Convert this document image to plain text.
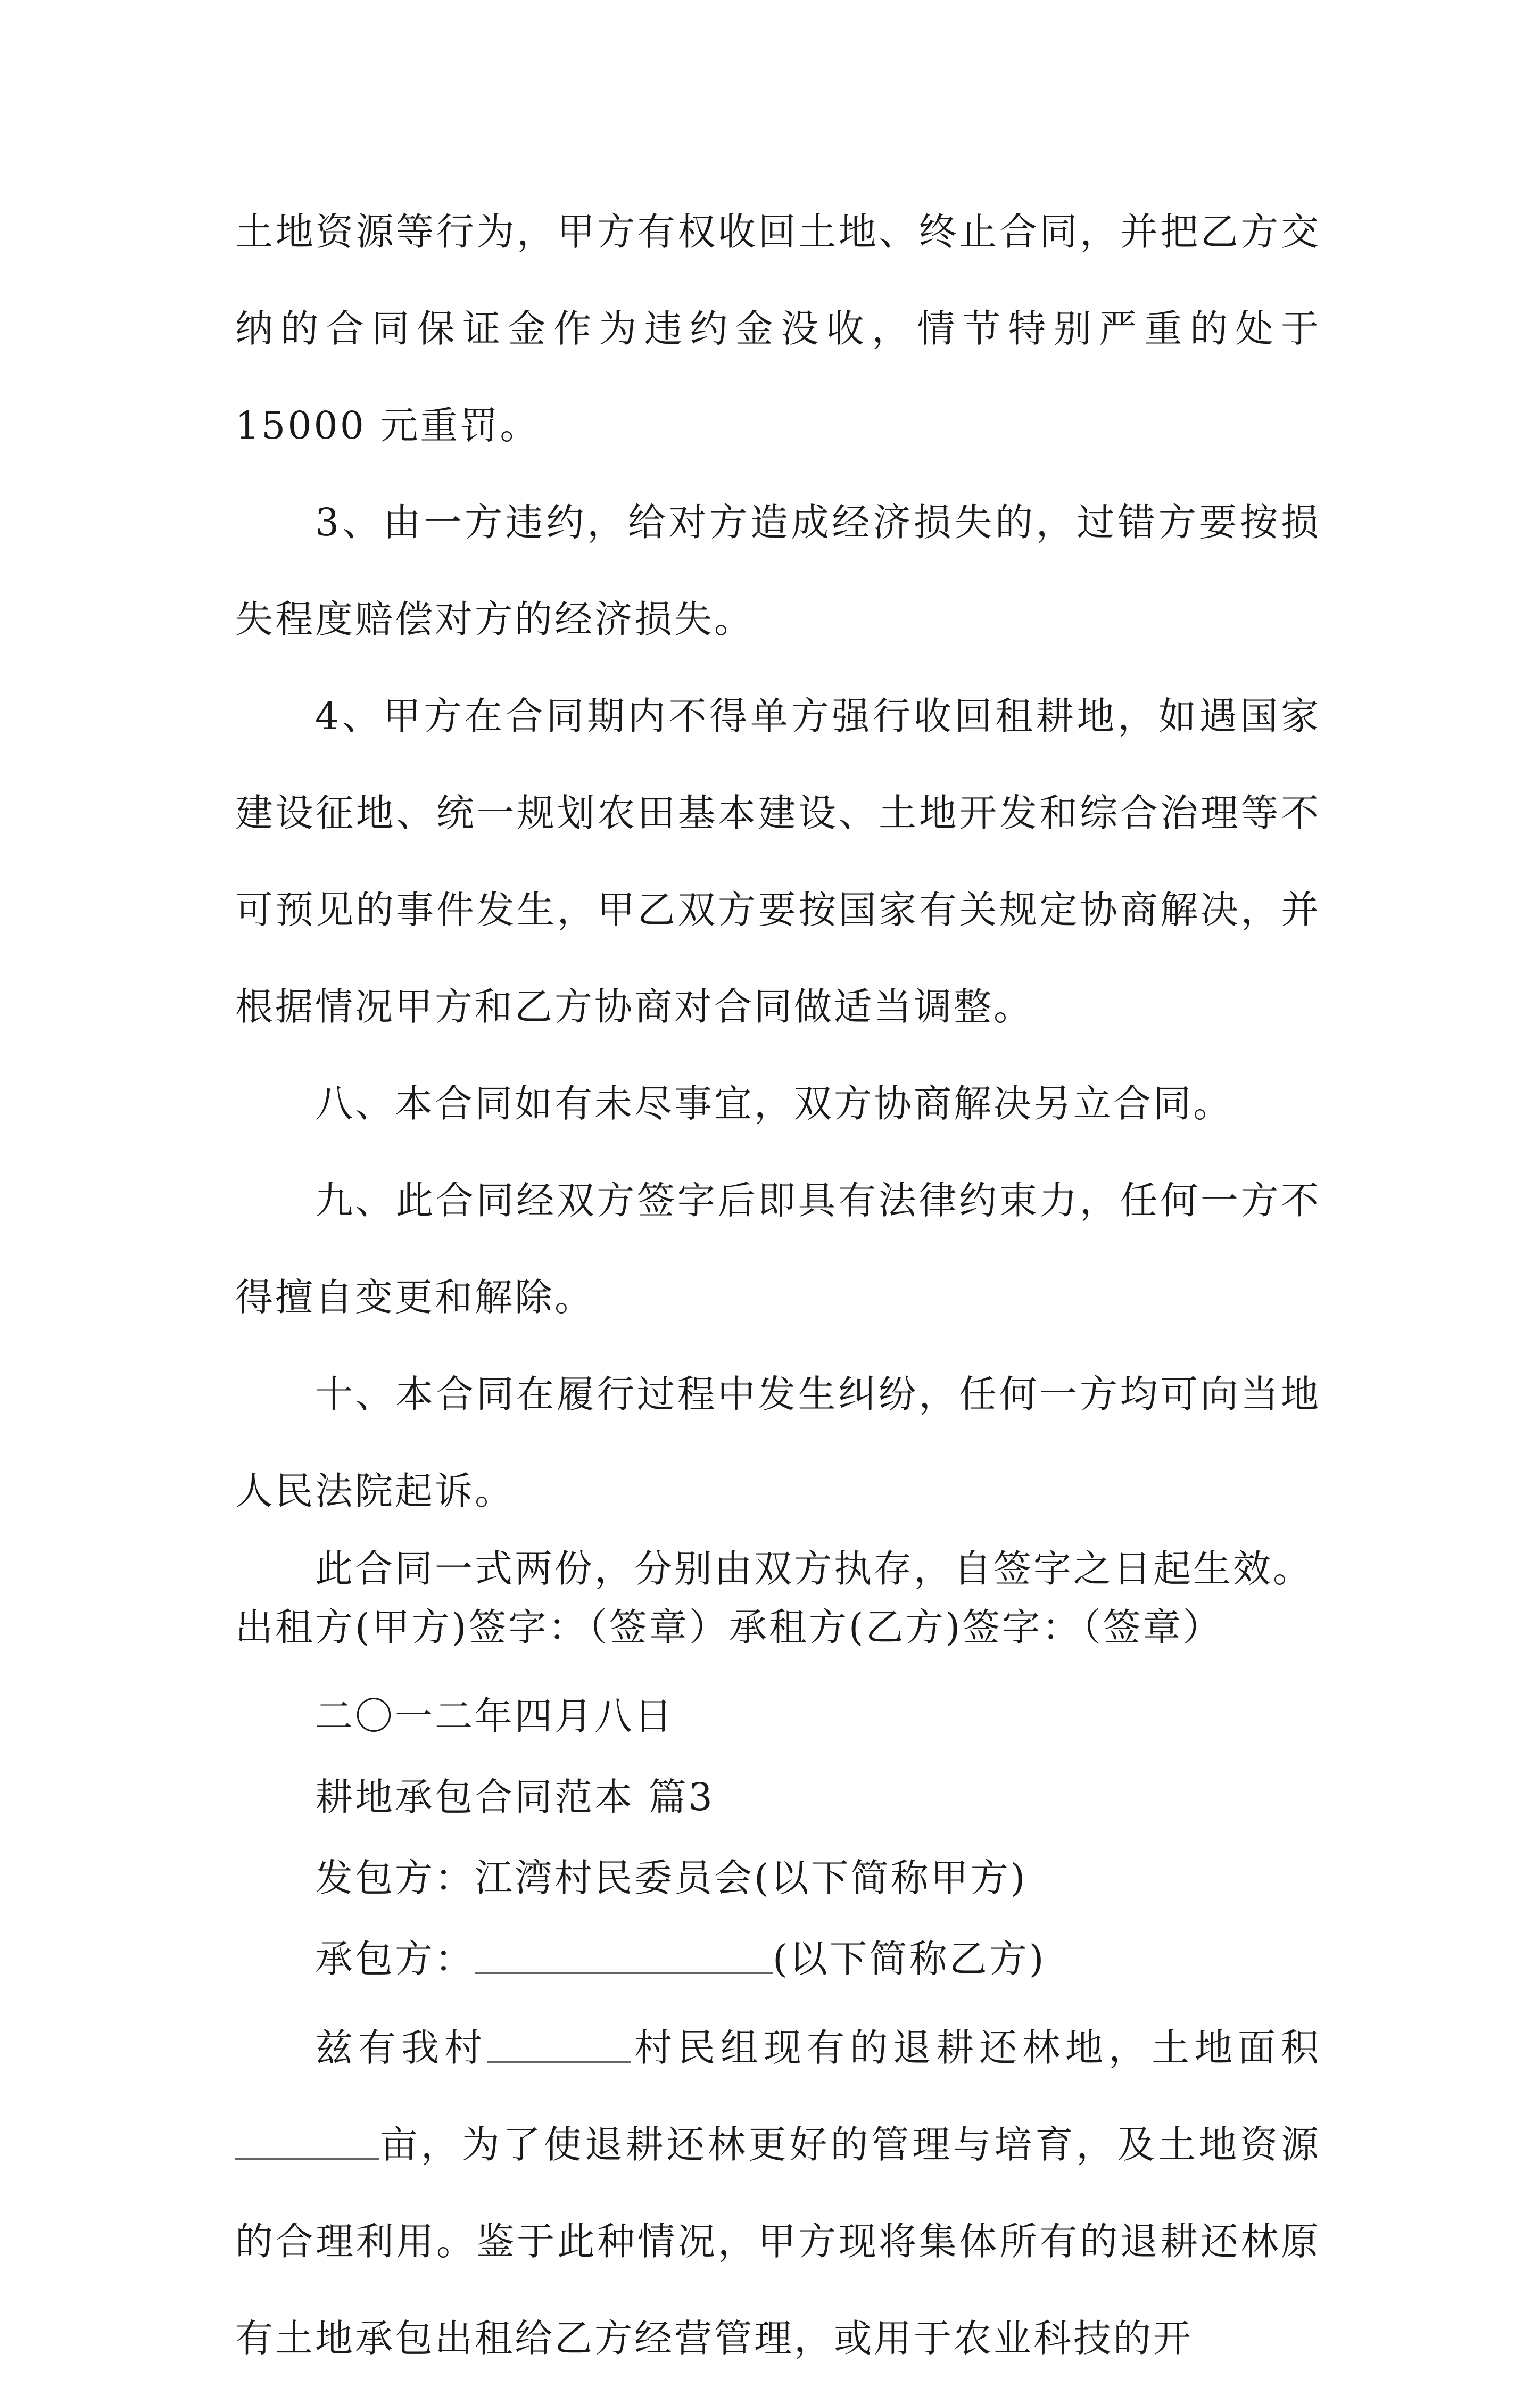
土地资源等行为，甲方有权收回土地、终止合同，并把乙方交纳的合同保证金作为违约金没收，情节特别严重的处于15000 元重罚。

3、由一方违约，给对方造成经济损失的，过错方要按损失程度赔偿对方的经济损失。

4、甲方在合同期内不得单方强行收回租耕地，如遇国家建设征地、统一规划农田基本建设、土地开发和综合治理等不可预见的事件发生，甲乙双方要按国家有关规定协商解决，并根据情况甲方和乙方协商对合同做适当调整。

八、本合同如有未尽事宜，双方协商解决另立合同。

九、此合同经双方签字后即具有法律约束力，任何一方不得擅自变更和解除。

十、本合同在履行过程中发生纠纷，任何一方均可向当地人民法院起诉。

此合同一式两份，分别由双方执存，自签字之日起生效。

出租方(甲方)签字：（签章）承租方(乙方)签字：（签章）

二〇一二年四月八日

耕地承包合同范本 篇3

发包方：江湾村民委员会(以下简称甲方)

承包方：	(以下简称乙方)

兹有我村	村民组现有的退耕还林地，土地面积亩，为了使退耕还林更好的管理与培育，及土地资源的合理利用。鉴于此种情况，甲方现将集体所有的退耕还林原有土地承包出租给乙方经营管理，或用于农业科技的开
